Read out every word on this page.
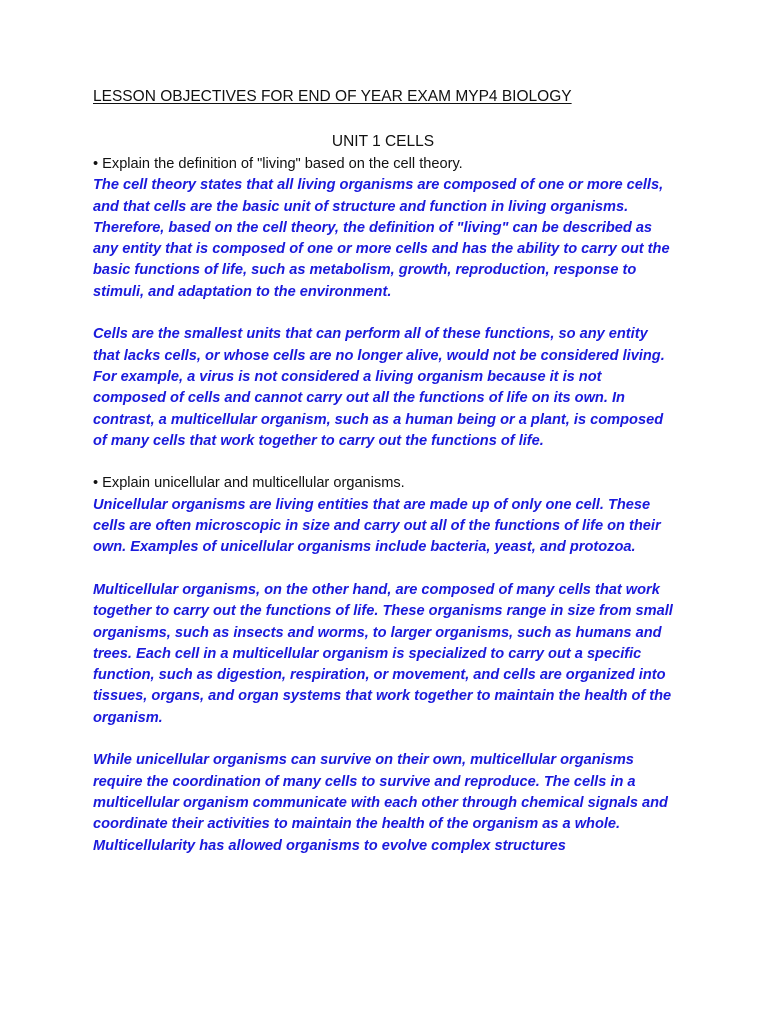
LESSON OBJECTIVES FOR END OF YEAR EXAM MYP4 BIOLOGY

UNIT 1 CELLS

• Explain the definition of "living" based on the cell theory.

The cell theory states that all living organisms are composed of one or more cells, and that cells are the basic unit of structure and function in living organisms. Therefore, based on the cell theory, the definition of "living" can be described as any entity that is composed of one or more cells and has the ability to carry out the basic functions of life, such as metabolism, growth, reproduction, response to stimuli, and adaptation to the environment.

Cells are the smallest units that can perform all of these functions, so any entity that lacks cells, or whose cells are no longer alive, would not be considered living. For example, a virus is not considered a living organism because it is not composed of cells and cannot carry out all the functions of life on its own. In contrast, a multicellular organism, such as a human being or a plant, is composed of many cells that work together to carry out the functions of life.

• Explain unicellular and multicellular organisms.

Unicellular organisms are living entities that are made up of only one cell. These cells are often microscopic in size and carry out all of the functions of life on their own. Examples of unicellular organisms include bacteria, yeast, and protozoa.

Multicellular organisms, on the other hand, are composed of many cells that work together to carry out the functions of life. These organisms range in size from small organisms, such as insects and worms, to larger organisms, such as humans and trees. Each cell in a multicellular organism is specialized to carry out a specific function, such as digestion, respiration, or movement, and cells are organized into tissues, organs, and organ systems that work together to maintain the health of the organism.

While unicellular organisms can survive on their own, multicellular organisms require the coordination of many cells to survive and reproduce. The cells in a multicellular organism communicate with each other through chemical signals and coordinate their activities to maintain the health of the organism as a whole. Multicellularity has allowed organisms to evolve complex structures
